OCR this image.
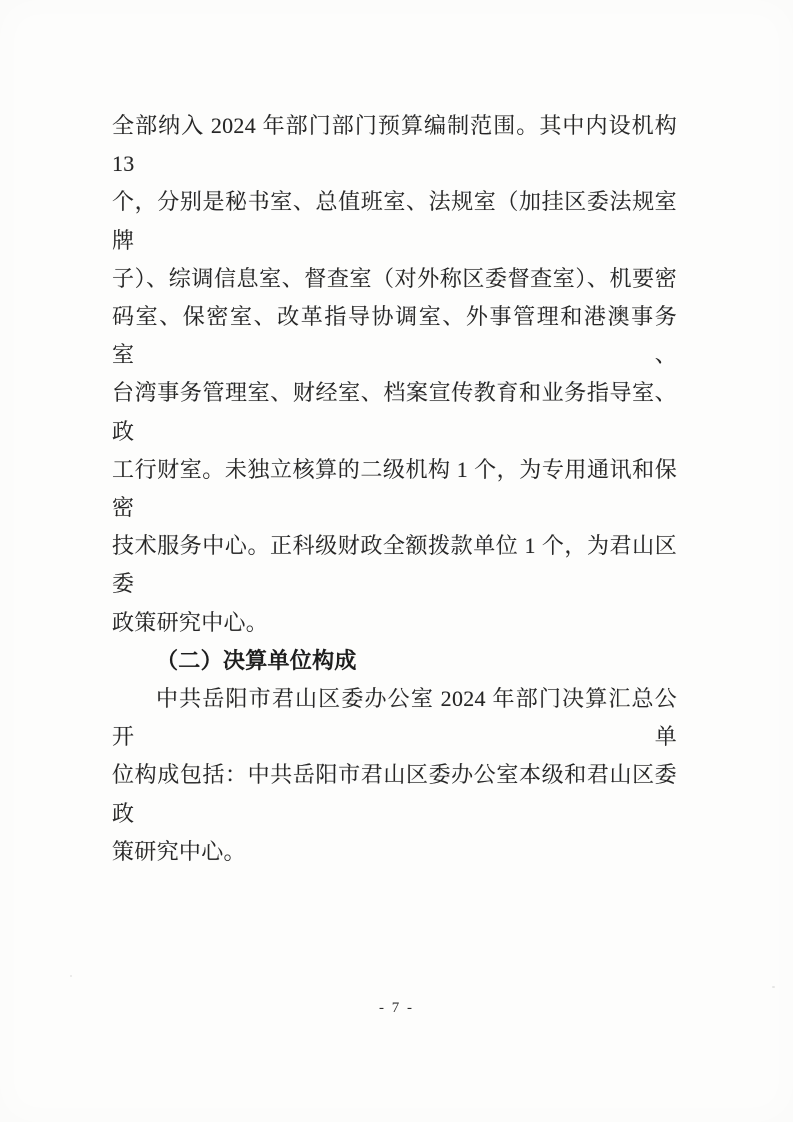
全部纳入 2024 年部门部门预算编制范围。其中内设机构 13
个，分别是秘书室、总值班室、法规室（加挂区委法规室牌
子）、综调信息室、督查室（对外称区委督查室）、机要密
码室、保密室、改革指导协调室、外事管理和港澳事务室、
台湾事务管理室、财经室、档案宣传教育和业务指导室、政
工行财室。未独立核算的二级机构 1 个，为专用通讯和保密
技术服务中心。正科级财政全额拨款单位 1 个，为君山区委
政策研究中心。
（二）决算单位构成
中共岳阳市君山区委办公室 2024 年部门决算汇总公开单
位构成包括：中共岳阳市君山区委办公室本级和君山区委政
策研究中心。
- 7 -
